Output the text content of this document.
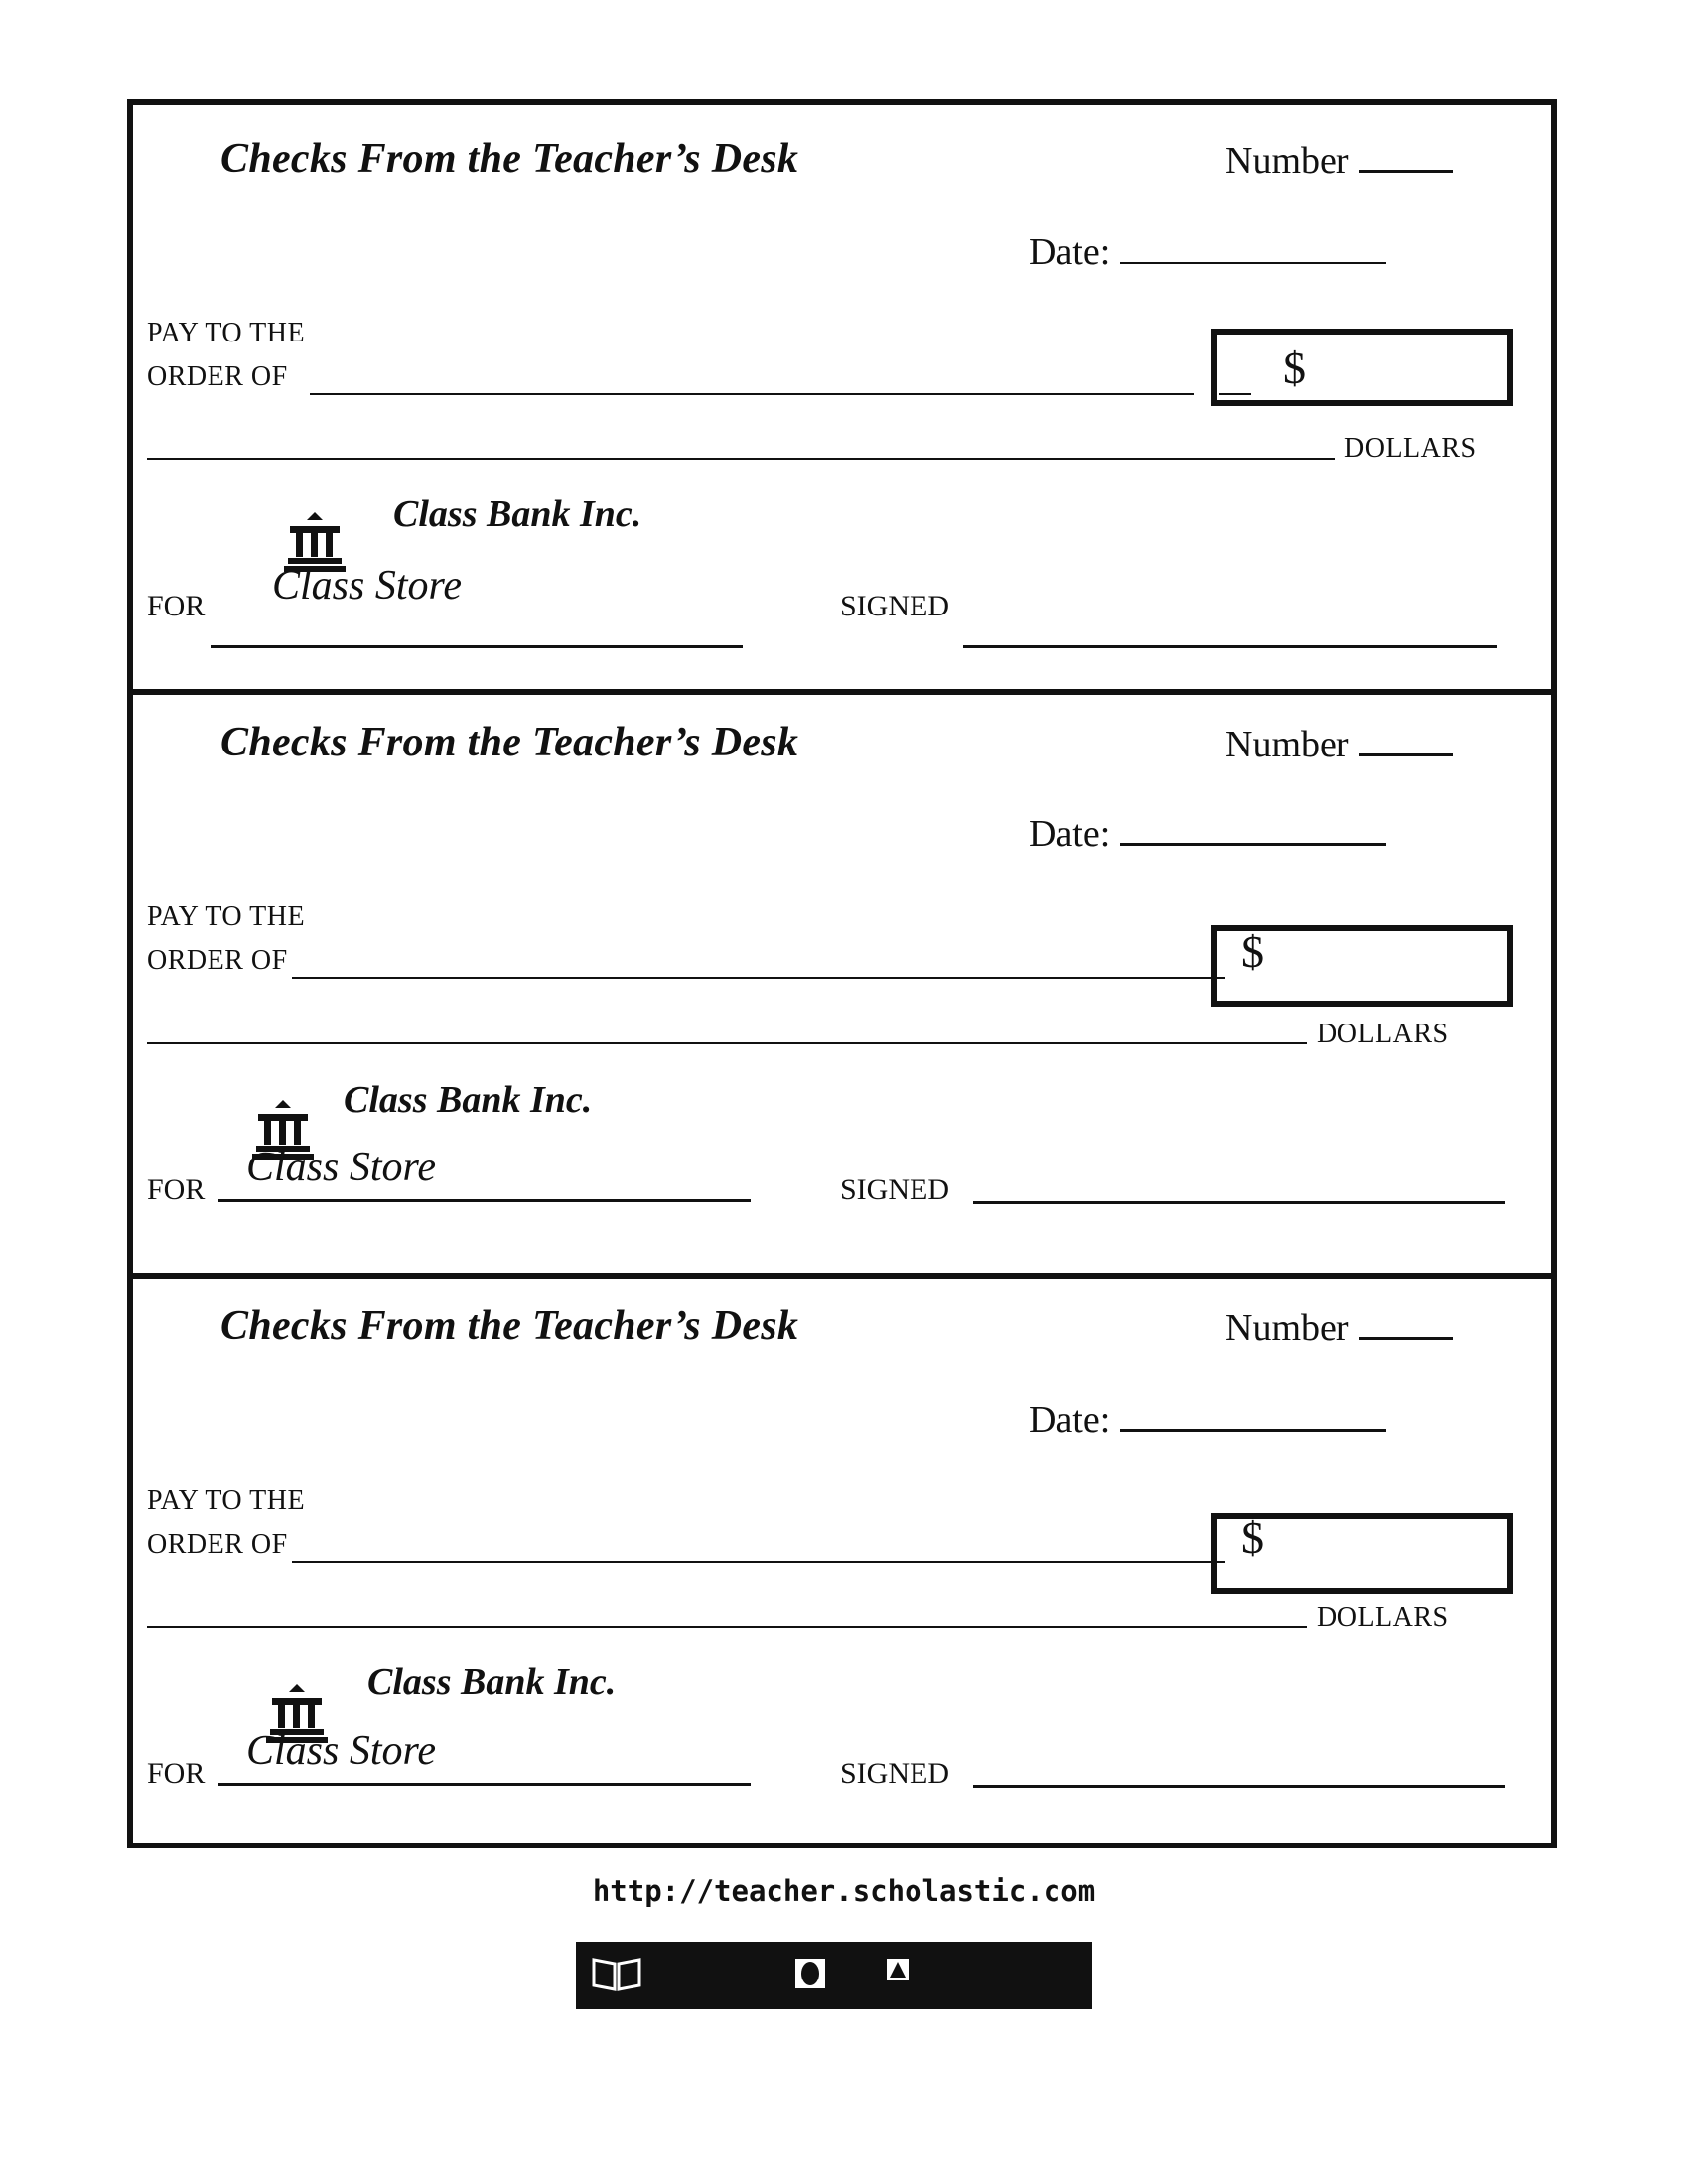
Checks From the Teacher’s Desk	Number
Date:
PAY TO THE
ORDER OF	$
DOLLARS
Class Bank Inc.
Class Store
FOR	SIGNED
Checks From the Teacher’s Desk	Number
Date:
PAY TO THE
ORDER OF	$
DOLLARS
Class Bank Inc.
Class Store
FOR	SIGNED
Checks From the Teacher’s Desk	Number
Date:
PAY TO THE
ORDER OF	$
DOLLARS
Class Bank Inc.
Class Store
FOR	SIGNED
http://teacher.scholastic.com
